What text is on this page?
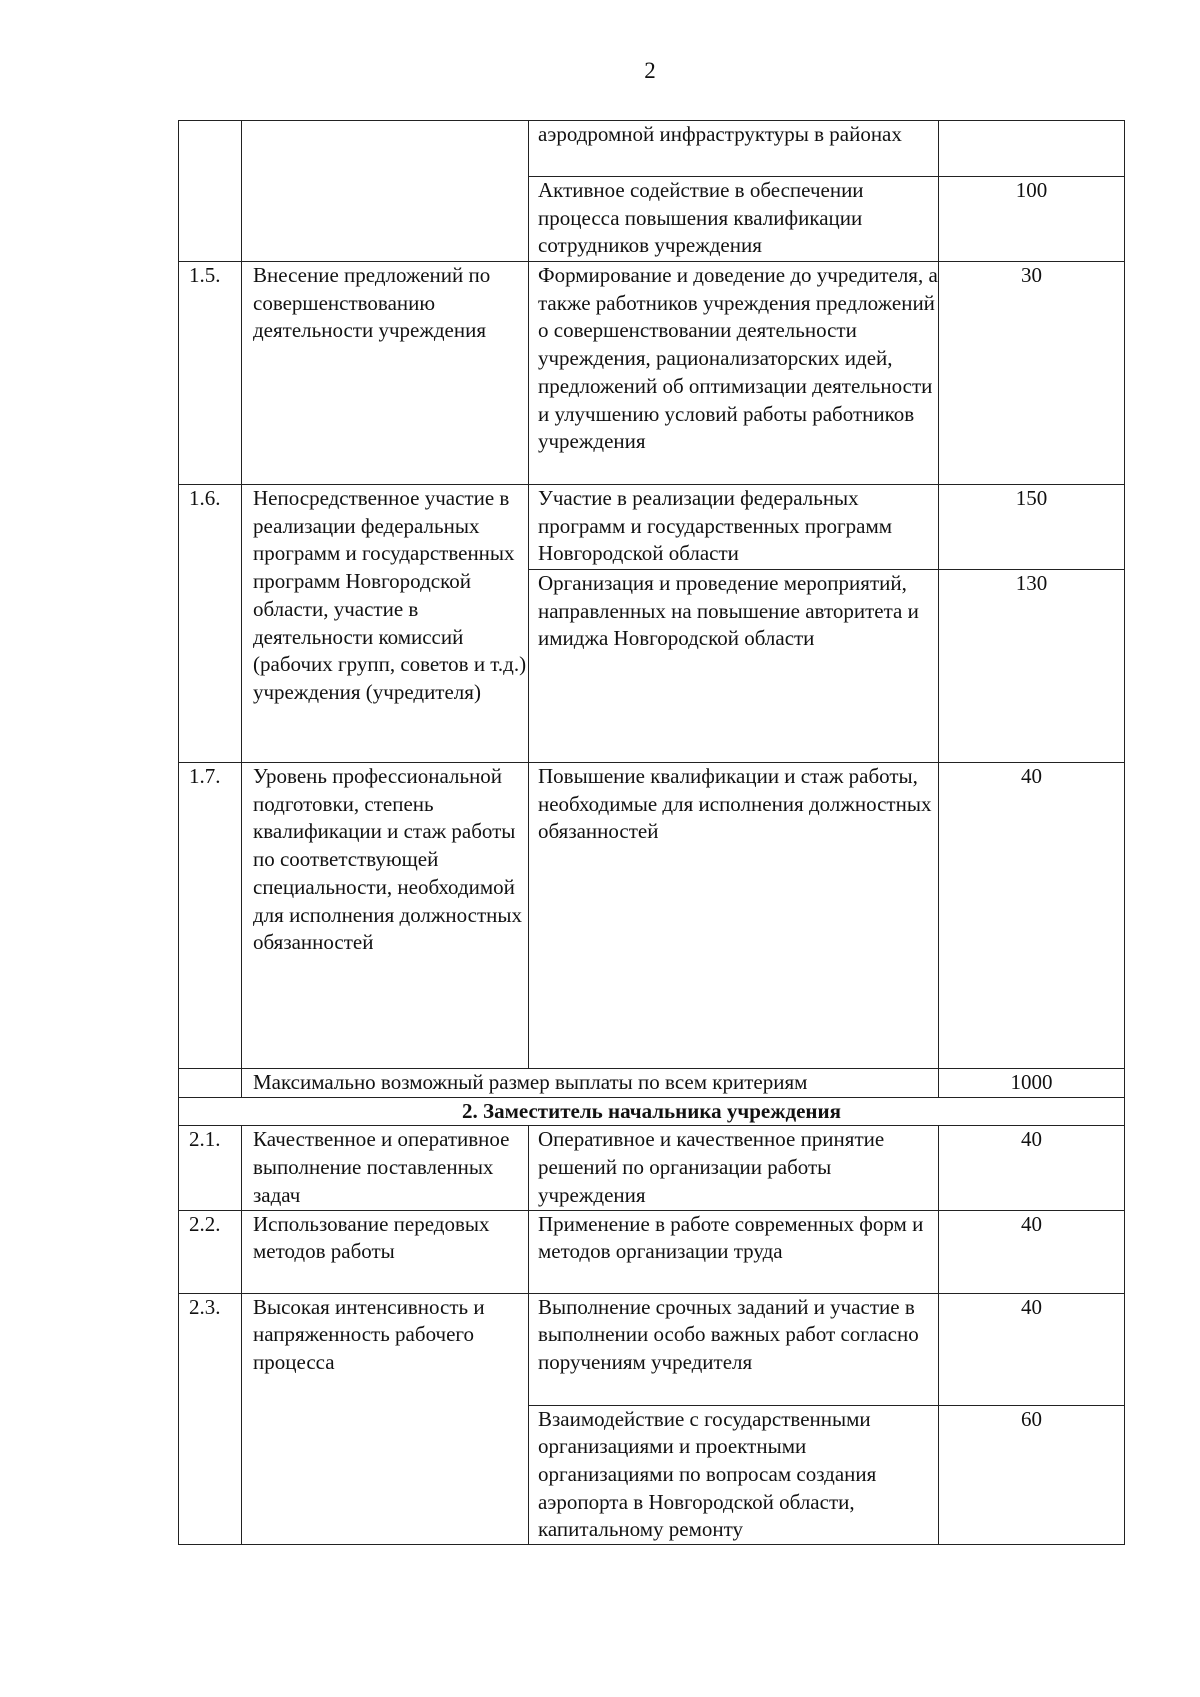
2
		аэродромной инфраструктуры в районах	
		Активное содействие в обеспечении процесса повышения квалификации сотрудников учреждения	100
1.5.	Внесение предложений по совершенствованию деятельности учреждения	Формирование и доведение до учредителя, а также работников учреждения предложений о совершенствовании деятельности учреждения, рационализаторских идей, предложений об оптимизации деятельности и улучшению условий работы работников учреждения	30
1.6.	Непосредственное участие в реализации федеральных программ и государственных программ Новгородской области, участие в деятельности комиссий (рабочих групп, советов и т.д.) учреждения (учредителя)	Участие в реализации федеральных программ и государственных программ Новгородской области	150
		Организация и проведение мероприятий, направленных на повышение авторитета и имиджа Новгородской области	130
1.7.	Уровень профессиональной подготовки, степень квалификации и стаж работы по соответствующей специальности, необходимой для исполнения должностных обязанностей	Повышение квалификации и стаж работы, необходимые для исполнения должностных обязанностей	40
	Максимально возможный размер выплаты по всем критериям		1000
2. Заместитель начальника учреждения			
2.1.	Качественное и оперативное выполнение поставленных задач	Оперативное и качественное принятие решений по организации работы учреждения	40
2.2.	Использование передовых методов работы	Применение в работе современных форм и методов организации труда	40
2.3.	Высокая интенсивность и напряженность рабочего процесса	Выполнение срочных заданий и участие в выполнении особо важных работ согласно поручениям учредителя	40
		Взаимодействие с государственными организациями и проектными организациями по вопросам создания аэропорта в Новгородской области, капитальному ремонту	60
